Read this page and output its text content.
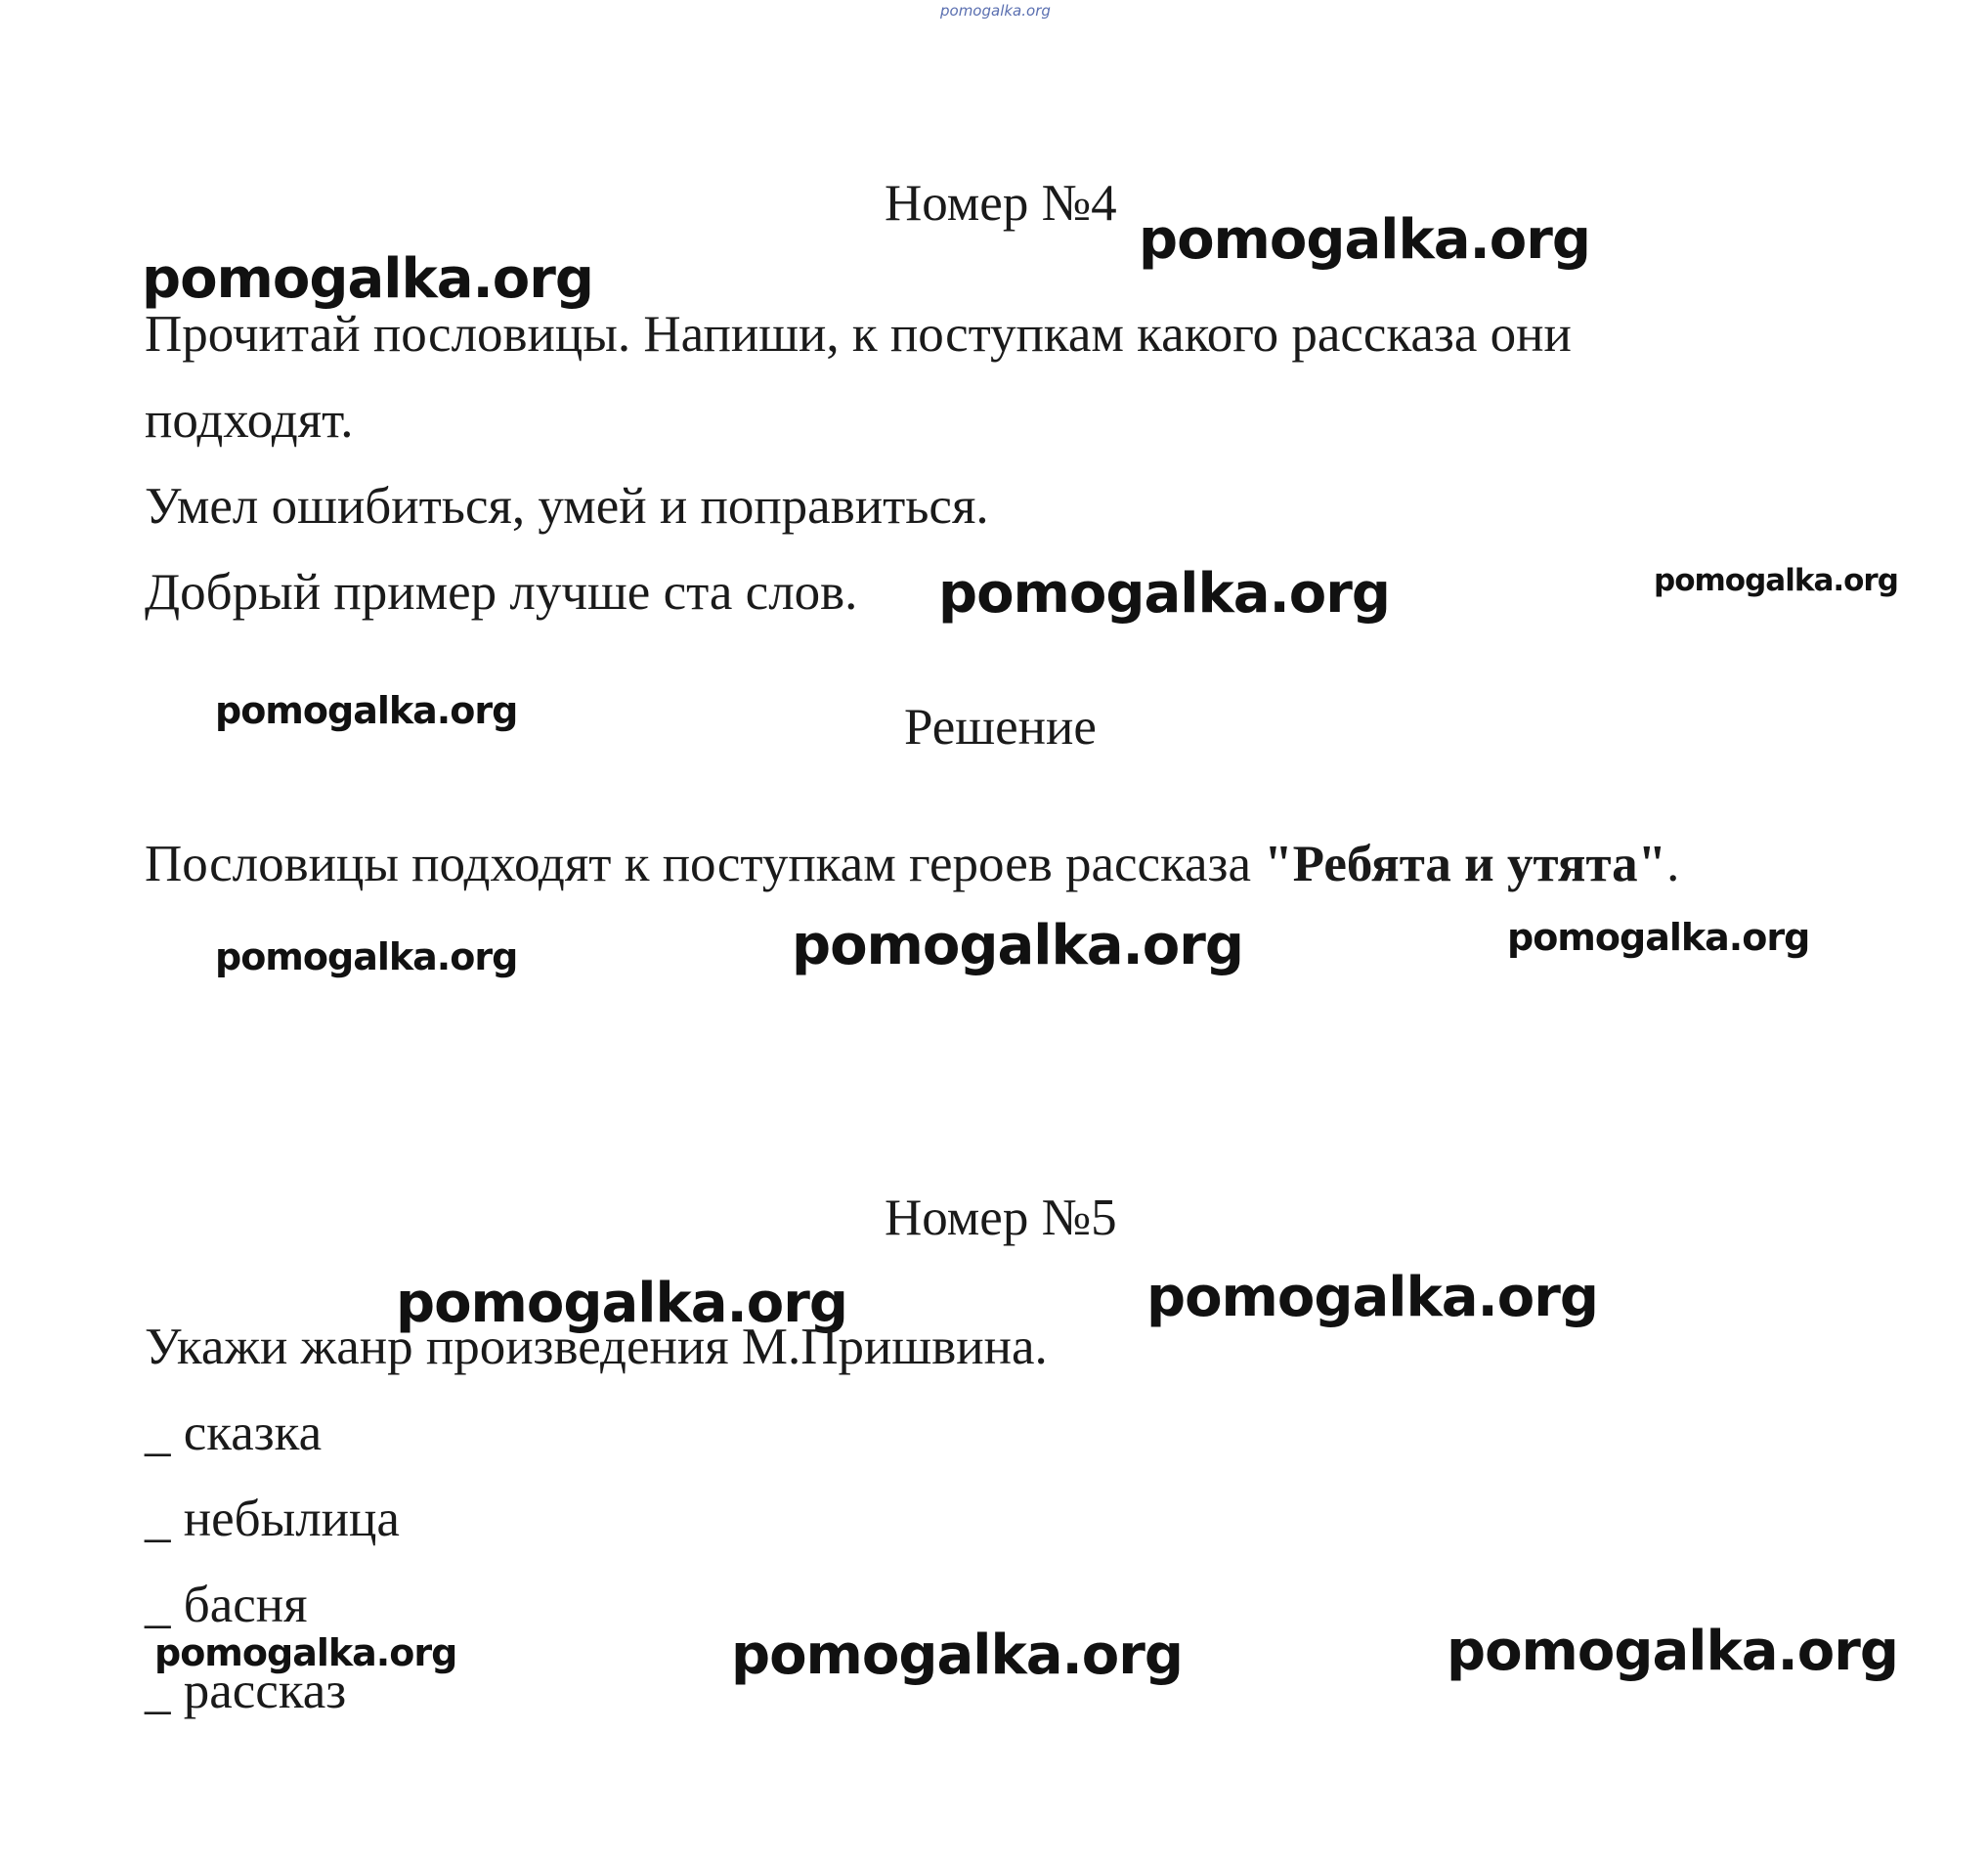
pomogalka.org
Номер №4
pomogalka.org
pomogalka.org
Прочитай пословицы. Напиши, к поступкам какого рассказа они
подходят.
Умел ошибиться, умей и поправиться.
Добрый пример лучше ста слов. pomogalka.org	pomogalka.org
pomogalka.org	Решение
Пословицы подходят к поступкам героев рассказа "Ребята и утята".
pomogalka.org	pomogalka.org	pomogalka.org
Номер №5
pomogalka.org	pomogalka.org
Укажи жанр произведения М.Пришвина.
_ сказка
_ небылица
_ басня
pomogalka.org
_ рассказ
pomogalka.org	pomogalka.org
